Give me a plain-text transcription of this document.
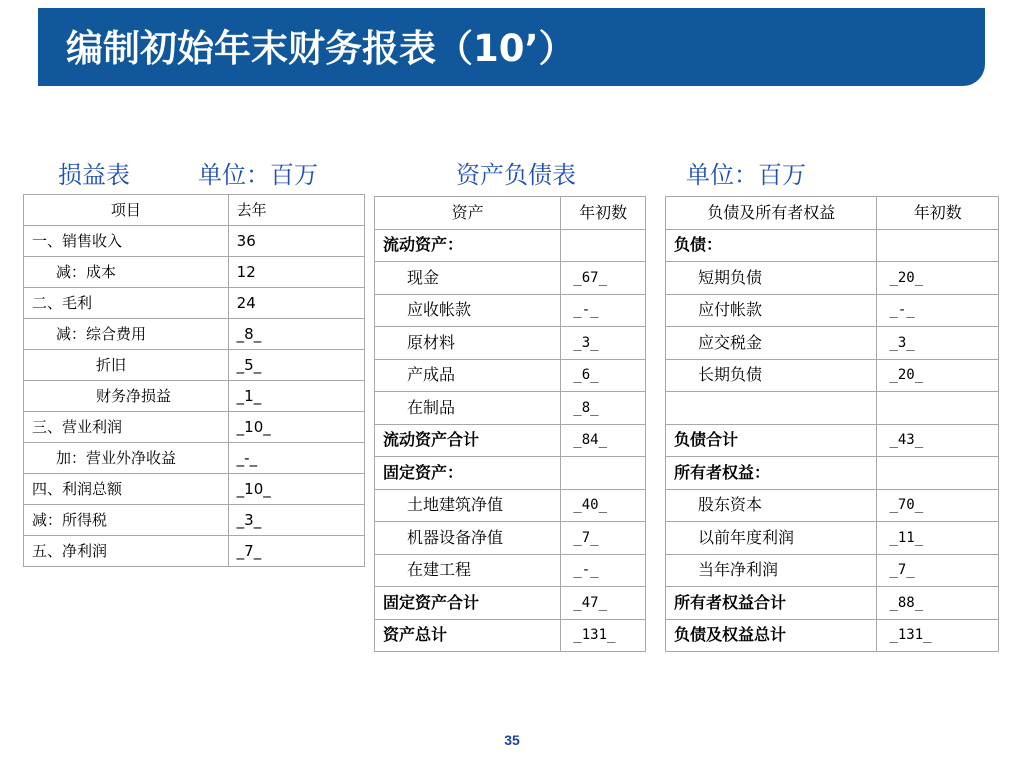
编制初始年末财务报表（10’）
损益表	单位：百万	资产负债表	单位：百万
项目	去年
一、销售收入	36
减：成本	12
二、毛利	24
减：综合费用	_8_
折旧	_5_
财务净损益	_1_
三、营业利润	_10_
加：营业外净收益	_-_
四、利润总额	_10_
减：所得税	_3_
五、净利润	_7_
资产	年初数
流动资产：	
现金	_67_
应收帐款	_-_
原材料	_3_
产成品	_6_
在制品	_8_
流动资产合计	_84_
固定资产：	
土地建筑净值	_40_
机器设备净值	_7_
在建工程	_-_
固定资产合计	_47_
资产总计	_131_
负债及所有者权益	年初数
负债：	
短期负债	_20_
应付帐款	_-_
应交税金	_3_
长期负债	_20_

负债合计	_43_
所有者权益：	
股东资本	_70_
以前年度利润	_11_
当年净利润	_7_
所有者权益合计	_88_
负债及权益总计	_131_
35
